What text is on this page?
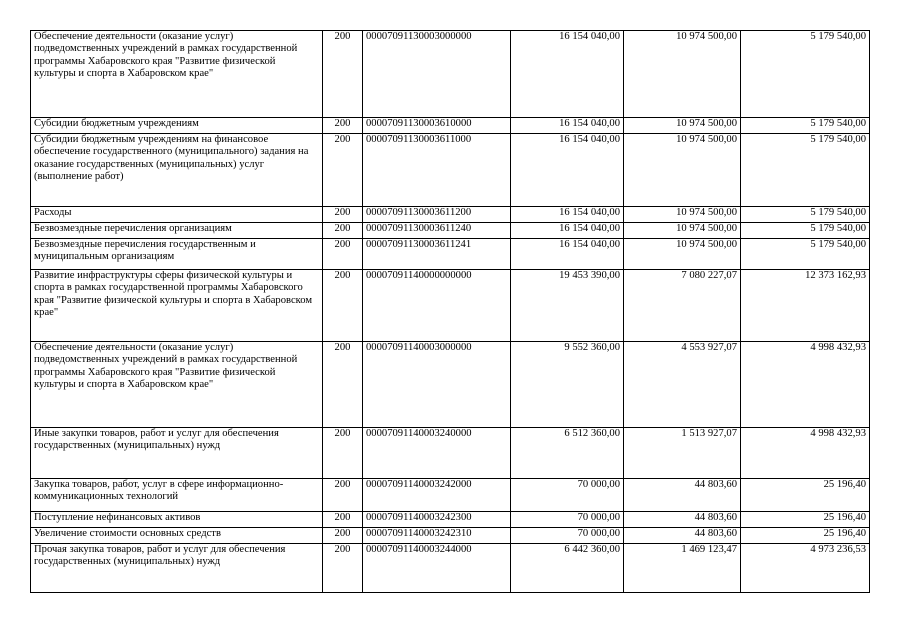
Обеспечение деятельности (оказание услуг) подведомственных учреждений в рамках государственной программы Хабаровского края "Развитие физической культуры и спорта в Хабаровском крае"	200	00007091130003000000	16 154 040,00	10 974 500,00	5 179 540,00
Субсидии бюджетным учреждениям	200	00007091130003610000	16 154 040,00	10 974 500,00	5 179 540,00
Субсидии бюджетным учреждениям на финансовое обеспечение государственного (муниципального) задания на оказание государственных (муниципальных) услуг (выполнение работ)	200	00007091130003611000	16 154 040,00	10 974 500,00	5 179 540,00
Расходы	200	00007091130003611200	16 154 040,00	10 974 500,00	5 179 540,00
Безвозмездные перечисления организациям	200	00007091130003611240	16 154 040,00	10 974 500,00	5 179 540,00
Безвозмездные перечисления государственным и муниципальным организациям	200	00007091130003611241	16 154 040,00	10 974 500,00	5 179 540,00
Развитие инфраструктуры сферы физической культуры и спорта в рамках государственной программы Хабаровского края "Развитие физической культуры и спорта в Хабаровском крае"	200	00007091140000000000	19 453 390,00	7 080 227,07	12 373 162,93
Обеспечение деятельности (оказание услуг) подведомственных учреждений в рамках государственной программы Хабаровского края "Развитие физической культуры и спорта в Хабаровском крае"	200	00007091140003000000	9 552 360,00	4 553 927,07	4 998 432,93
Иные закупки товаров, работ и услуг для обеспечения государственных (муниципальных) нужд	200	00007091140003240000	6 512 360,00	1 513 927,07	4 998 432,93
Закупка товаров, работ, услуг в сфере информационно-коммуникационных технологий	200	00007091140003242000	70 000,00	44 803,60	25 196,40
Поступление нефинансовых активов	200	00007091140003242300	70 000,00	44 803,60	25 196,40
Увеличение стоимости основных средств	200	00007091140003242310	70 000,00	44 803,60	25 196,40
Прочая закупка товаров, работ и услуг для обеспечения государственных (муниципальных) нужд	200	00007091140003244000	6 442 360,00	1 469 123,47	4 973 236,53
